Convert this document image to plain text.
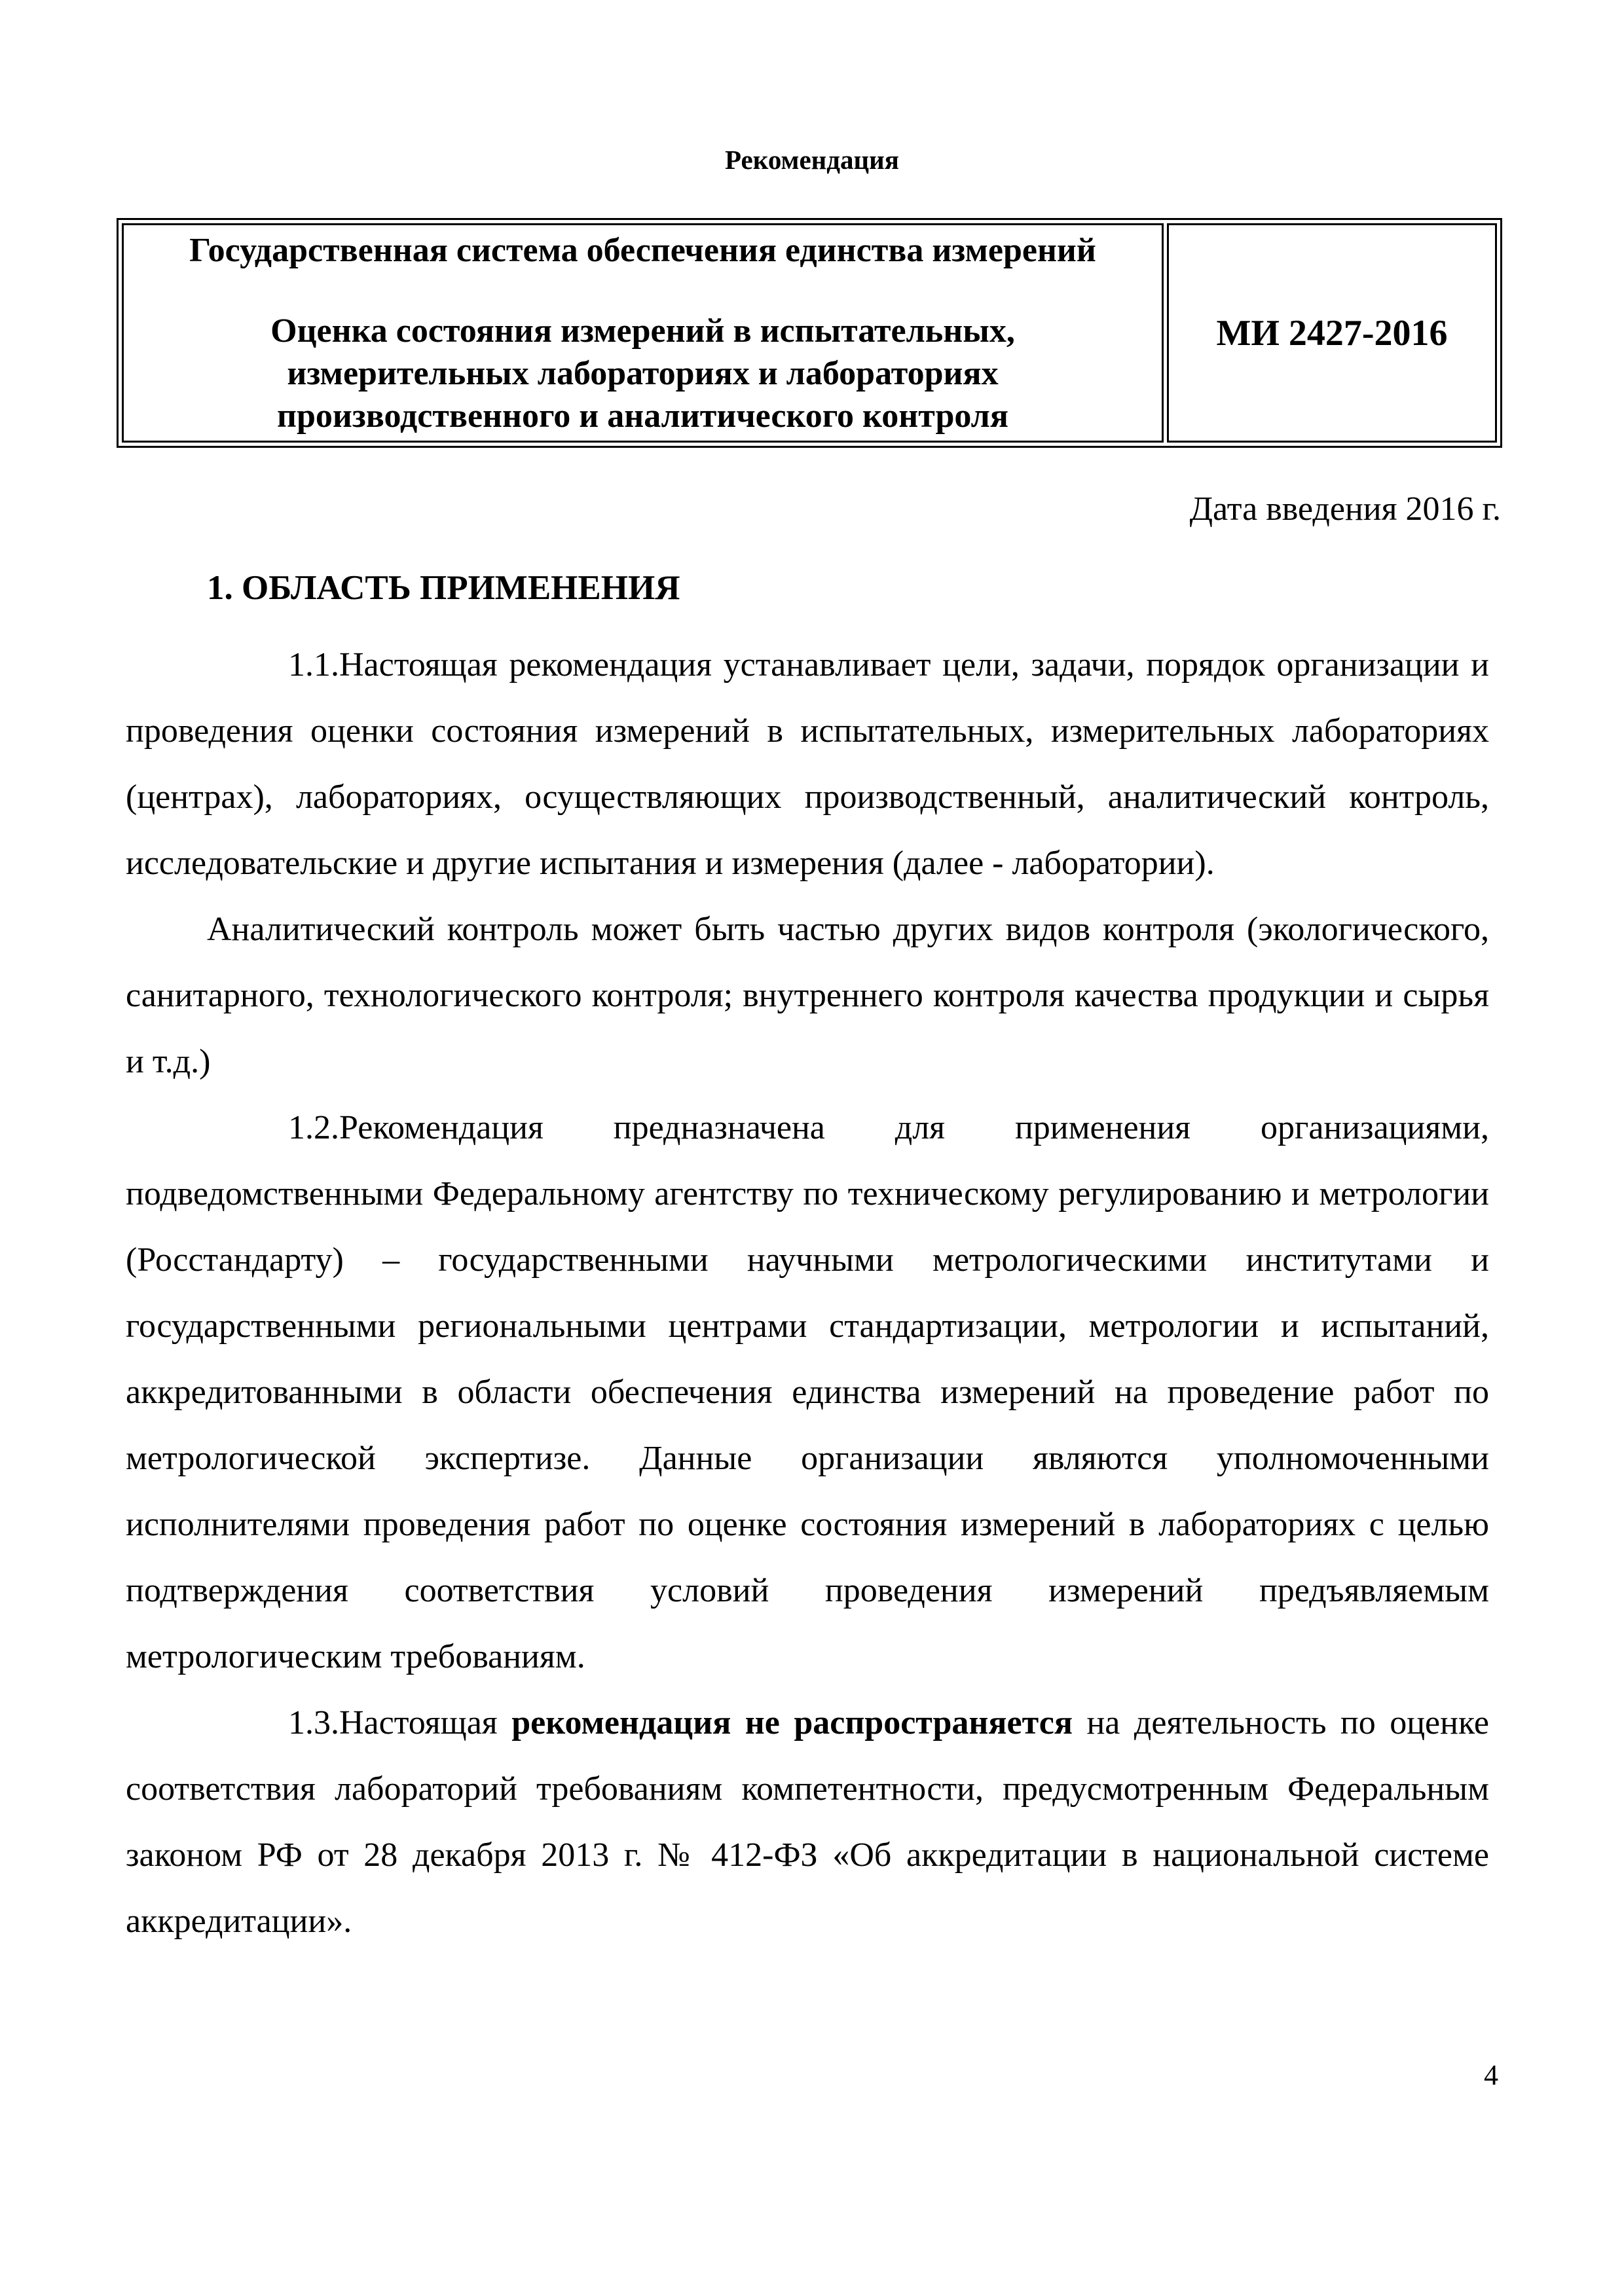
Рекомендация
Государственная система обеспечения единства измерений
Оценка состояния измерений в испытательных,
измерительных лабораториях и лабораториях
производственного и аналитического контроля
	МИ 2427-2016
Дата введения 2016 г.
1. ОБЛАСТЬ ПРИМЕНЕНИЯ

1.1.Настоящая рекомендация устанавливает цели, задачи, порядок организации и проведения оценки состояния измерений в испытательных, измерительных лабораториях (центрах), лабораториях, осуществляющих производственный, аналитический контроль, исследовательские и другие испытания и измерения (далее - лаборатории).

Аналитический контроль может быть частью других видов контроля (экологического, санитарного, технологического контроля; внутреннего контроля качества продукции и сырья и т.д.)

1.2.Рекомендация предназначена для применения организациями, подведомственными Федеральному агентству по техническому регулированию и метрологии (Росстандарту) – государственными научными метрологическими институтами и государственными региональными центрами стандартизации, метрологии и испытаний, аккредитованными в области обеспечения единства измерений на проведение работ по метрологической экспертизе. Данные организации являются уполномоченными исполнителями проведения работ по оценке состояния измерений в лабораториях с целью подтверждения соответствия условий проведения измерений предъявляемым метрологическим требованиям.

1.3.Настоящая рекомендация не распространяется на деятельность по оценке соответствия лабораторий требованиям компетентности, предусмотренным Федеральным законом РФ от 28 декабря 2013 г. № 412-ФЗ «Об аккредитации в национальной системе аккредитации».

4
